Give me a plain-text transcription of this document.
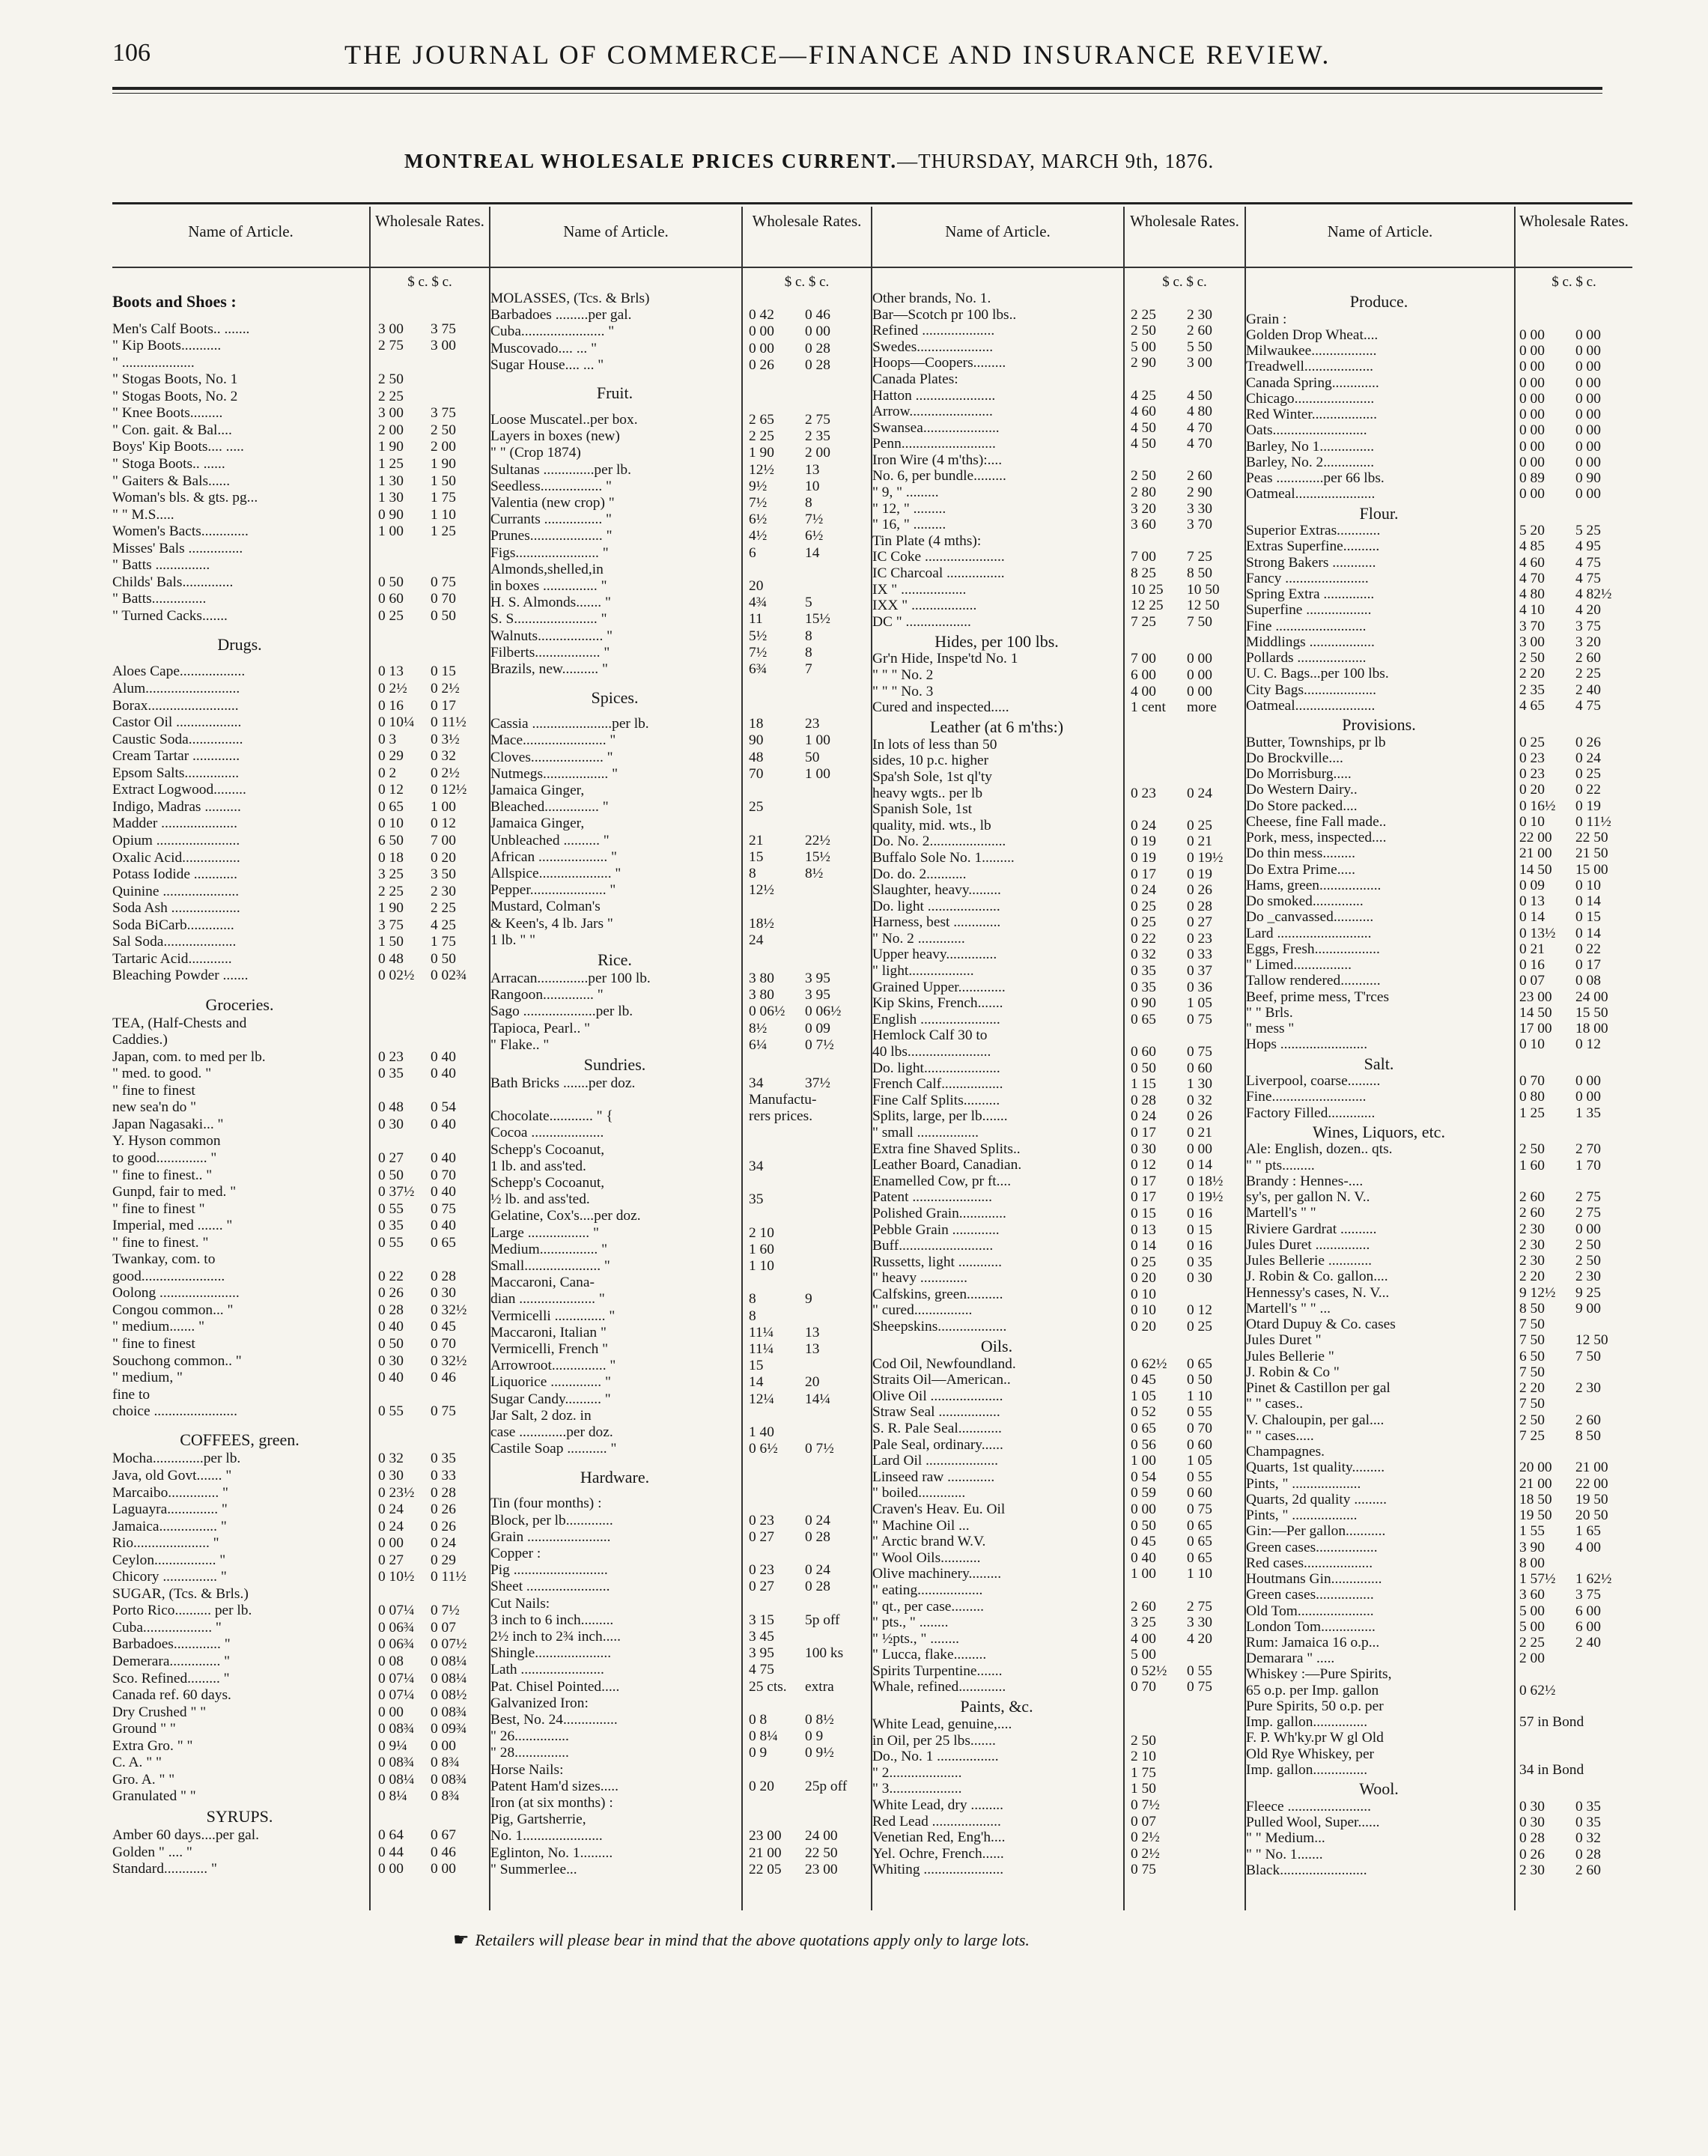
106	THE JOURNAL OF COMMERCE—FINANCE AND INSURANCE REVIEW.
MONTREAL WHOLESALE PRICES CURRENT.—THURSDAY, MARCH 9th, 1876.
Name of Article.
Wholesale Rates.
Name of Article.
Wholesale Rates.
Name of Article.
Wholesale Rates.
Name of Article.
Wholesale Rates.
$ c. $ c.	$ c. $ c.	$ c. $ c.	$ c. $ c.
Boots and Shoes :
Men's Calf Boots.. .......	3 00 3 75
" Kip Boots...........	2 75 3 00
" ....................
" Stogas Boots, No. 1	2 50
" Stogas Boots, No. 2	2 25
" Knee Boots.........	3 00 3 75
" Con. gait. & Bal....	2 00 2 50
Boys' Kip Boots.... .....	1 90 2 00
" Stoga Boots.. ......	1 25 1 90
" Gaiters & Bals......	1 30 1 50
Woman's bls. & gts. pg...	1 30 1 75
" " M.S.....	0 90 1 10
Women's Bacts.............	1 00 1 25
Misses' Bals ...............
" Batts ...............
Childs' Bals..............	0 50 0 75
" Batts...............	0 60 0 70
" Turned Cacks.......	0 25 0 50
Drugs.
Aloes Cape..................	0 13 0 15
Alum..........................	0 2½ 0 2½
Borax.........................	0 16 0 17
Castor Oil ..................	0 10¼ 0 11½
Caustic Soda...............	0 3 0 3½
Cream Tartar .............	0 29 0 32
Epsom Salts...............	0 2 0 2½
Extract Logwood.........	0 12 0 12½
Indigo, Madras ..........	0 65 1 00
Madder .....................	0 10 0 12
Opium .......................	6 50 7 00
Oxalic Acid................	0 18 0 20
Potass Iodide ............	3 25 3 50
Quinine .....................	2 25 2 30
Soda Ash ...................	1 90 2 25
Soda BiCarb.............	3 75 4 25
Sal Soda....................	1 50 1 75
Tartaric Acid............	0 48 0 50
Bleaching Powder .......	0 02½ 0 02¾
Groceries.
TEA, (Half-Chests and
Caddies.)
Japan, com. to med per lb.	0 23 0 40
" med. to good. "	0 35 0 40
" fine to finest
new sea'n do "	0 48 0 54
Japan Nagasaki... "	0 30 0 40
Y. Hyson common
to good.............. "	0 27 0 40
" fine to finest.. "	0 50 0 70
Gunpd, fair to med. "	0 37½ 0 40
" fine to finest "	0 55 0 75
Imperial, med ....... "	0 35 0 40
" fine to finest. "	0 55 0 65
Twankay, com. to
good.......................	0 22 0 28
Oolong ......................	0 26 0 30
Congou common... "	0 28 0 32½
" medium....... "	0 40 0 45
" fine to finest	0 50 0 70
Souchong common.. "	0 30 0 32½
" medium, "	0 40 0 46
fine to
choice .......................	0 55 0 75
COFFEES, green.
Mocha..............per lb.	0 32 0 35
Java, old Govt....... "	0 30 0 33
Marcaibo.............. "	0 23½ 0 28
Laguayra.............. "	0 24 0 26
Jamaica................ "	0 24 0 26
Rio..................... "	0 00 0 24
Ceylon................. "	0 27 0 29
Chicory ............... "	0 10½ 0 11½
SUGAR, (Tcs. & Brls.)
Porto Rico.......... per lb.	0 07¼ 0 7½
Cuba................... "	0 06¾ 0 07
Barbadoes............. "	0 06¾ 0 07½
Demerara.............. "	0 08 0 08¼
Sco. Refined......... "	0 07¼ 0 08¼
Canada ref. 60 days.	0 07¼ 0 08½
Dry Crushed " "	0 00 0 08¾
Ground " "	0 08¾ 0 09¾
Extra Gro. " "	0 9¼ 0 00
C. A. " "	0 08¾ 0 8¾
Gro. A. " "	0 08¼ 0 08¾
Granulated " "	0 8¼ 0 8¾
SYRUPS.
Amber 60 days....per gal.	0 64 0 67
Golden " .... "	0 44 0 46
Standard............ "	0 00 0 00
MOLASSES, (Tcs. & Brls)
Barbadoes .........per gal.	0 42 0 46
Cuba....................... "	0 00 0 00
Muscovado.... ... "	0 00 0 28
Sugar House.... ... "	0 26 0 28
Fruit.
Loose Muscatel..per box.	2 65 2 75
Layers in boxes (new)	2 25 2 35
" " (Crop 1874)	1 90 2 00
Sultanas ..............per lb.	12½ 13
Seedless................. "	9½	10
Valentia (new crop) "	7½	8
Currants ................ "	6½	7½
Prunes.................... "	4½	6½
Figs....................... "	6	14
Almonds,shelled,in
in boxes ............... "	20
H. S. Almonds....... "	4¾	5
S. S....................... "	11	15½
Walnuts.................. "	5½	8
Filberts.................. "	7½	8
Brazils, new.......... "	6¾	7
Spices.
Cassia ......................per lb.	18	23
Mace....................... "	90	1 00
Cloves.................... "	48	50
Nutmegs.................. "	70	1 00
Jamaica Ginger,
Bleached............... "	25
Jamaica Ginger,
Unbleached .......... "	21	22½
African ................... "	15	15½
Allspice.................... "	8	8½
Pepper..................... "	12½
Mustard, Colman's
& Keen's, 4 lb. Jars "	18½
1 lb. " "	24
Rice.
Arracan..............per 100 lb.	3 80 3 95
Rangoon.............. "	3 80 3 95
Sago ....................per lb.	0 06½ 0 06½
Tapioca, Pearl.. "	8½	0 09
" Flake.. "	6¼	0 7½
Sundries.
Bath Bricks .......per doz.	34	37½
Manufactu-
Chocolate............ " {	rers prices.
Cocoa ....................
Schepp's Cocoanut,
1 lb. and ass'ted.	34
Schepp's Cocoanut,
½ lb. and ass'ted.	35
Gelatine, Cox's....per doz.
Large ................. "	2 10
Medium................ "	1 60
Small..................... "	1 10
Maccaroni, Cana-
dian ..................... "	8	9
Vermicelli .............. "	8
Maccaroni, Italian "	11¼ 13
Vermicelli, French "	11¼ 13
Arrowroot............... "	15
Liquorice .............. "	14	20
Sugar Candy.......... "	12¼ 14¼
Jar Salt, 2 doz. in
case .............per doz.	1 40
Castile Soap ........... "	0 6½ 0 7½
Hardware.
Tin (four months) :
Block, per lb.............	0 23 0 24
Grain .......................	0 27 0 28
Copper :
Pig ..........................	0 23 0 24
Sheet .......................	0 27 0 28
Cut Nails:
3 inch to 6 inch.........	3 15 5p off
2½ inch to 2¾ inch.....	3 45
Shingle.....................	3 95 100 ks
Lath .......................	4 75
Pat. Chisel Pointed.....	25 cts. extra
Galvanized Iron:
Best, No. 24...............	0 8	0 8½
" 26...............	0 8¼ 0 9
" 28...............	0 9	0 9½
Horse Nails:
Patent Ham'd sizes.....	0 20 25p off
Iron (at six months) :
Pig, Gartsherrie,
No. 1......................	23 00 24 00
Eglinton, No. 1.........	21 00 22 50
" Summerlee...	22 05 23 00
Other brands, No. 1.
Bar—Scotch pr 100 lbs..	2 25 2 30
Refined ....................	2 50 2 60
Swedes.....................	5 00 5 50
Hoops—Coopers.........	2 90 3 00
Canada Plates:
Hatton ......................	4 25 4 50
Arrow.......................	4 60 4 80
Swansea.....................	4 50 4 70
Penn..........................	4 50 4 70
Iron Wire (4 m'ths):....
No. 6, per bundle.........	2 50 2 60
" 9, " .........	2 80 2 90
" 12, " .........	3 20 3 30
" 16, " .........	3 60 3 70
Tin Plate (4 mths):
IC Coke ......................	7 00 7 25
IC Charcoal ................	8 25 8 50
IX " ..................	10 25 10 50
IXX " ..................	12 25 12 50
DC " ..................	7 25 7 50
Hides, per 100 lbs.
Gr'n Hide, Inspe'td No. 1	7 00 0 00
" " " No. 2	6 00 0 00
" " " No. 3	4 00 0 00
Cured and inspected.....	1 cent more
Leather (at 6 m'ths:)
In lots of less than 50
sides, 10 p.c. higher
Spa'sh Sole, 1st ql'ty
heavy wgts.. per lb	0 23 0 24
Spanish Sole, 1st
quality, mid. wts., lb	0 24 0 25
Do. No. 2.....................	0 19 0 21
Buffalo Sole No. 1.........	0 19 0 19½
Do. do. 2...........	0 17 0 19
Slaughter, heavy.........	0 24 0 26
Do. light ....................	0 25 0 28
Harness, best .............	0 25 0 27
" No. 2 .............	0 22 0 23
Upper heavy..............	0 32 0 33
" light..................	0 35 0 37
Grained Upper.............	0 35 0 36
Kip Skins, French.......	0 90 1 05
English ......................	0 65 0 75
Hemlock Calf 30 to
40 lbs.......................	0 60 0 75
Do. light.....................	0 50 0 60
French Calf.................	1 15 1 30
Fine Calf Splits..........	0 28 0 32
Splits, large, per lb.......	0 24 0 26
" small .................	0 17 0 21
Extra fine Shaved Splits..	0 30 0 00
Leather Board, Canadian.	0 12 0 14
Enamelled Cow, pr ft....	0 17 0 18½
Patent ......................	0 17 0 19½
Polished Grain.............	0 15 0 16
Pebble Grain .............	0 13 0 15
Buff..........................	0 14 0 16
Russetts, light ............	0 25 0 35
" heavy .............	0 20 0 30
Calfskins, green..........	0 10
" cured................	0 10 0 12
Sheepskins...................	0 20 0 25
Oils.
Cod Oil, Newfoundland.	0 62½ 0 65
Straits Oil—American..	0 45 0 50
Olive Oil ....................	1 05 1 10
Straw Seal .................	0 52 0 55
S. R. Pale Seal............	0 65 0 70
Pale Seal, ordinary......	0 56 0 60
Lard Oil ....................	1 00 1 05
Linseed raw .............	0 54 0 55
" boiled.............	0 59 0 60
Craven's Heav. Eu. Oil	0 00 0 75
" Machine Oil ...	0 50 0 65
" Arctic brand W.V.	0 45 0 65
" Wool Oils...........	0 40 0 65
Olive machinery.........	1 00 1 10
" eating..................
" qt., per case.........	2 60 2 75
" pts., " ........	3 25 3 30
" ½pts., " ........	4 00 4 20
" Lucca, flake.........	5 00
Spirits Turpentine.......	0 52½ 0 55
Whale, refined.............	0 70 0 75
Paints, &c.
White Lead, genuine,....
in Oil, per 25 lbs.......	2 50
Do., No. 1 .................	2 10
" 2....................	1 75
" 3....................	1 50
White Lead, dry .........	0 7½
Red Lead ...................	0 07
Venetian Red, Eng'h....	0 2½
Yel. Ochre, French......	0 2½
Whiting ......................	0 75
Produce.
Grain :
Golden Drop Wheat....	0 00 0 00
Milwaukee..................	0 00 0 00
Treadwell...................	0 00 0 00
Canada Spring.............	0 00 0 00
Chicago......................	0 00 0 00
Red Winter..................	0 00 0 00
Oats..........................	0 00 0 00
Barley, No 1...............	0 00 0 00
Barley, No. 2..............	0 00 0 00
Peas .............per 66 lbs.	0 89 0 90
Oatmeal......................	0 00 0 00
Flour.
Superior Extras............	5 20 5 25
Extras Superfine..........	4 85 4 95
Strong Bakers ............	4 60 4 75
Fancy .......................	4 70 4 75
Spring Extra ..............	4 80 4 82½
Superfine ..................	4 10 4 20
Fine .........................	3 70 3 75
Middlings ..................	3 00 3 20
Pollards ...................	2 50 2 60
U. C. Bags...per 100 lbs.	2 20 2 25
City Bags....................	2 35 2 40
Oatmeal......................	4 65 4 75
Provisions.
Butter, Townships, pr lb	0 25 0 26
Do Brockville....	0 23 0 24
Do Morrisburg.....	0 23 0 25
Do Western Dairy..	0 20 0 22
Do Store packed....	0 16½ 0 19
Cheese, fine Fall made..	0 10 0 11½
Pork, mess, inspected....	22 00 22 50
Do thin mess.........	21 00 21 50
Do Extra Prime.....	14 50 15 00
Hams, green.................	0 09 0 10
Do smoked..............	0 13 0 14
Do _canvassed...........	0 14 0 15
Lard ..........................	0 13½ 0 14
Eggs, Fresh..................	0 21 0 22
" Limed................	0 16 0 17
Tallow rendered...........	0 07 0 08
Beef, prime mess, T'rces	23 00 24 00
" " Brls.	14 50 15 50
" mess "	17 00 18 00
Hops ........................	0 10 0 12
Salt.
Liverpool, coarse.........	0 70 0 00
Fine..........................	0 80 0 00
Factory Filled.............	1 25 1 35
Wines, Liquors, etc.
Ale: English, dozen.. qts.	2 50 2 70
" " pts.........	1 60 1 70
Brandy : Hennes-....
sy's, per gallon N. V..	2 60 2 75
Martell's " "	2 60 2 75
Riviere Gardrat ..........	2 30 0 00
Jules Duret ...............	2 30 2 50
Jules Bellerie ............	2 30 2 50
J. Robin & Co. gallon....	2 20 2 30
Hennessy's cases, N. V...	9 12½ 9 25
Martell's " " ...	8 50 9 00
Otard Dupuy & Co. cases	7 50
Jules Duret "	7 50 12 50
Jules Bellerie "	6 50 7 50
J. Robin & Co "	7 50
Pinet & Castillon per gal	2 20 2 30
" " cases..	7 50
V. Chaloupin, per gal....	2 50 2 60
" " cases.....	7 25 8 50
Champagnes.
Quarts, 1st quality.........	20 00 21 00
Pints, " ...................	21 00 22 00
Quarts, 2d quality .........	18 50 19 50
Pints, " ..................	19 50 20 50
Gin:—Per gallon...........	1 55 1 65
Green cases.................	3 90 4 00
Red cases...................	8 00
Houtmans Gin..............	1 57½ 1 62½
Green cases................	3 60 3 75
Old Tom.....................	5 00 6 00
London Tom...............	5 00 6 00
Rum: Jamaica 16 o.p...	2 25 2 40
Demarara " .....	2 00
Whiskey :—Pure Spirits,
65 o.p. per Imp. gallon	0 62½
Pure Spirits, 50 o.p. per
Imp. gallon...............	57 in Bond
F. P. Wh'ky.pr W gl Old
Old Rye Whiskey, per
Imp. gallon...............	34 in Bond
Wool.
Fleece .......................	0 30 0 35
Pulled Wool, Super......	0 30 0 35
" " Medium...	0 28 0 32
" " No. 1.......	0 26 0 28
Black........................	2 30 2 60
☛ Retailers will please bear in mind that the above quotations apply only to large lots.
